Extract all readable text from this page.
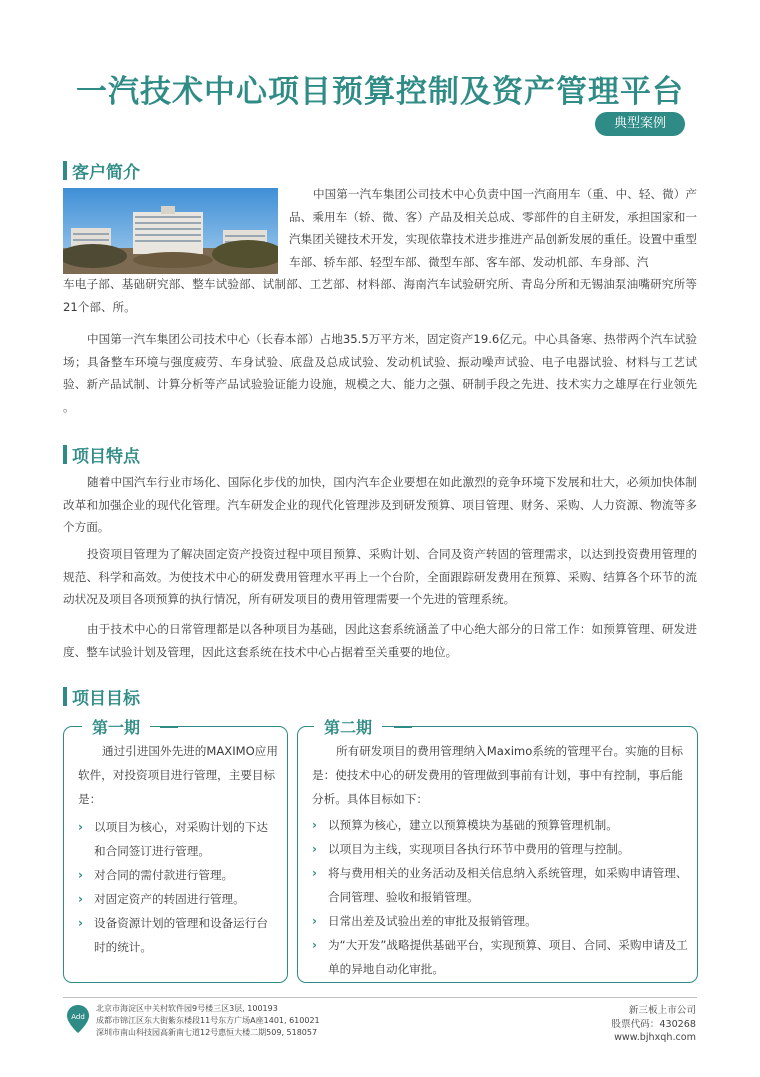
一汽技术中心项目预算控制及资产管理平台
典型案例
客户简介
中国第一汽车集团公司技术中心负责中国一汽商用车（重、中、轻、微）产品、乘用车（轿、微、客）产品及相关总成、零部件的自主研发，承担国家和一汽集团关键技术开发，实现依靠技术进步推进产品创新发展的重任。设置中重型车部、轿车部、轻型车部、微型车部、客车部、发动机部、车身部、汽
车电子部、基础研究部、整车试验部、试制部、工艺部、材料部、海南汽车试验研究所、青岛分所和无锡油泵油嘴研究所等21个部、所。
中国第一汽车集团公司技术中心（长春本部）占地35.5万平方米，固定资产19.6亿元。中心具备寒、热带两个汽车试验场；具备整车环境与强度疲劳、车身试验、底盘及总成试验、发动机试验、振动噪声试验、电子电器试验、材料与工艺试验、新产品试制、计算分析等产品试验验证能力设施，规模之大、能力之强、研制手段之先进、技术实力之雄厚在行业领先 。
项目特点
随着中国汽车行业市场化、国际化步伐的加快，国内汽车企业要想在如此激烈的竞争环境下发展和壮大，必须加快体制改革和加强企业的现代化管理。汽车研发企业的现代化管理涉及到研发预算、项目管理、财务、采购、人力资源、物流等多个方面。
投资项目管理为了解决固定资产投资过程中项目预算、采购计划、合同及资产转固的管理需求，以达到投资费用管理的规范、科学和高效。为使技术中心的研发费用管理水平再上一个台阶，全面跟踪研发费用在预算、采购、结算各个环节的流动状况及项目各项预算的执行情况，所有研发项目的费用管理需要一个先进的管理系统。
由于技术中心的日常管理都是以各种项目为基础，因此这套系统涵盖了中心绝大部分的日常工作：如预算管理、研发进度、整车试验计划及管理，因此这套系统在技术中心占据着至关重要的地位。
项目目标
第一期
通过引进国外先进的MAXIMO应用软件，对投资项目进行管理，主要目标是：
› 以项目为核心，对采购计划的下达和合同签订进行管理。
› 对合同的需付款进行管理。
› 对固定资产的转固进行管理。
› 设备资源计划的管理和设备运行台时的统计。
第二期
所有研发项目的费用管理纳入Maximo系统的管理平台。实施的目标是：使技术中心的研发费用的管理做到事前有计划，事中有控制，事后能分析。具体目标如下：
› 以预算为核心，建立以预算模块为基础的预算管理机制。
› 以项目为主线，实现项目各执行环节中费用的管理与控制。
› 将与费用相关的业务活动及相关信息纳入系统管理，如采购申请管理、合同管理、验收和报销管理。
› 日常出差及试验出差的审批及报销管理。
› 为“大开发”战略提供基础平台，实现预算、项目、合同、采购申请及工单的异地自动化审批。
Add
北京市海淀区中关村软件园9号楼三区3层, 100193
成都市锦江区东大街紫东楼段11号东方广场A座1401, 610021
深圳市南山科技园高新南七道12号惠恒大楼二期509, 518057
新三板上市公司
股票代码：430268
www.bjhxqh.com
